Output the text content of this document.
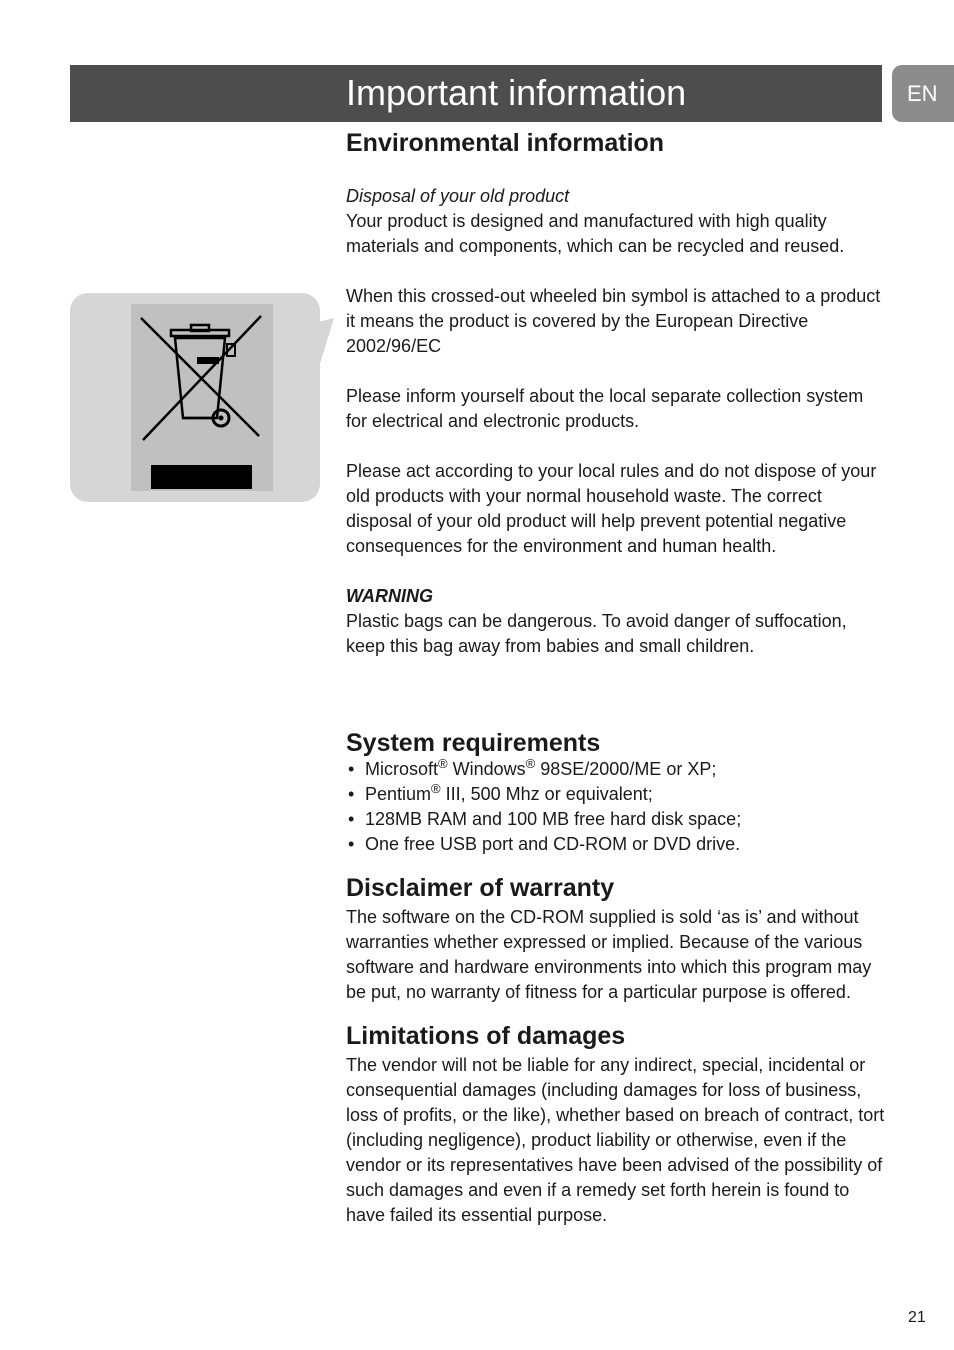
Important information	EN
Environmental information

Disposal of your old product

Your product is designed and manufactured with high quality materials and components, which can be recycled and reused.

When this crossed-out wheeled bin symbol is attached to a product it means the product is covered by the European Directive 2002/96/EC

Please inform yourself about the local separate collection system for electrical and electronic products.

Please act according to your local rules and do not dispose of your old products with your normal household waste. The correct disposal of your old product will help prevent potential negative consequences for the environment and human health.

WARNING

Plastic bags can be dangerous. To avoid danger of suffocation, keep this bag away from babies and small children.

System requirements
• Microsoft® Windows® 98SE/2000/ME or XP;
• Pentium® III, 500 Mhz or equivalent;
• 128MB RAM and 100 MB free hard disk space;
• One free USB port and CD-ROM or DVD drive.
Disclaimer of warranty

The software on the CD-ROM supplied is sold ‘as is’ and without warranties whether expressed or implied. Because of the various software and hardware environments into which this program may be put, no warranty of fitness for a particular purpose is offered.

Limitations of damages

The vendor will not be liable for any indirect, special, incidental or consequential damages (including damages for loss of business, loss of profits, or the like), whether based on breach of contract, tort (including negligence), product liability or otherwise, even if the vendor or its representatives have been advised of the possibility of such damages and even if a remedy set forth herein is found to have failed its essential purpose.

21
